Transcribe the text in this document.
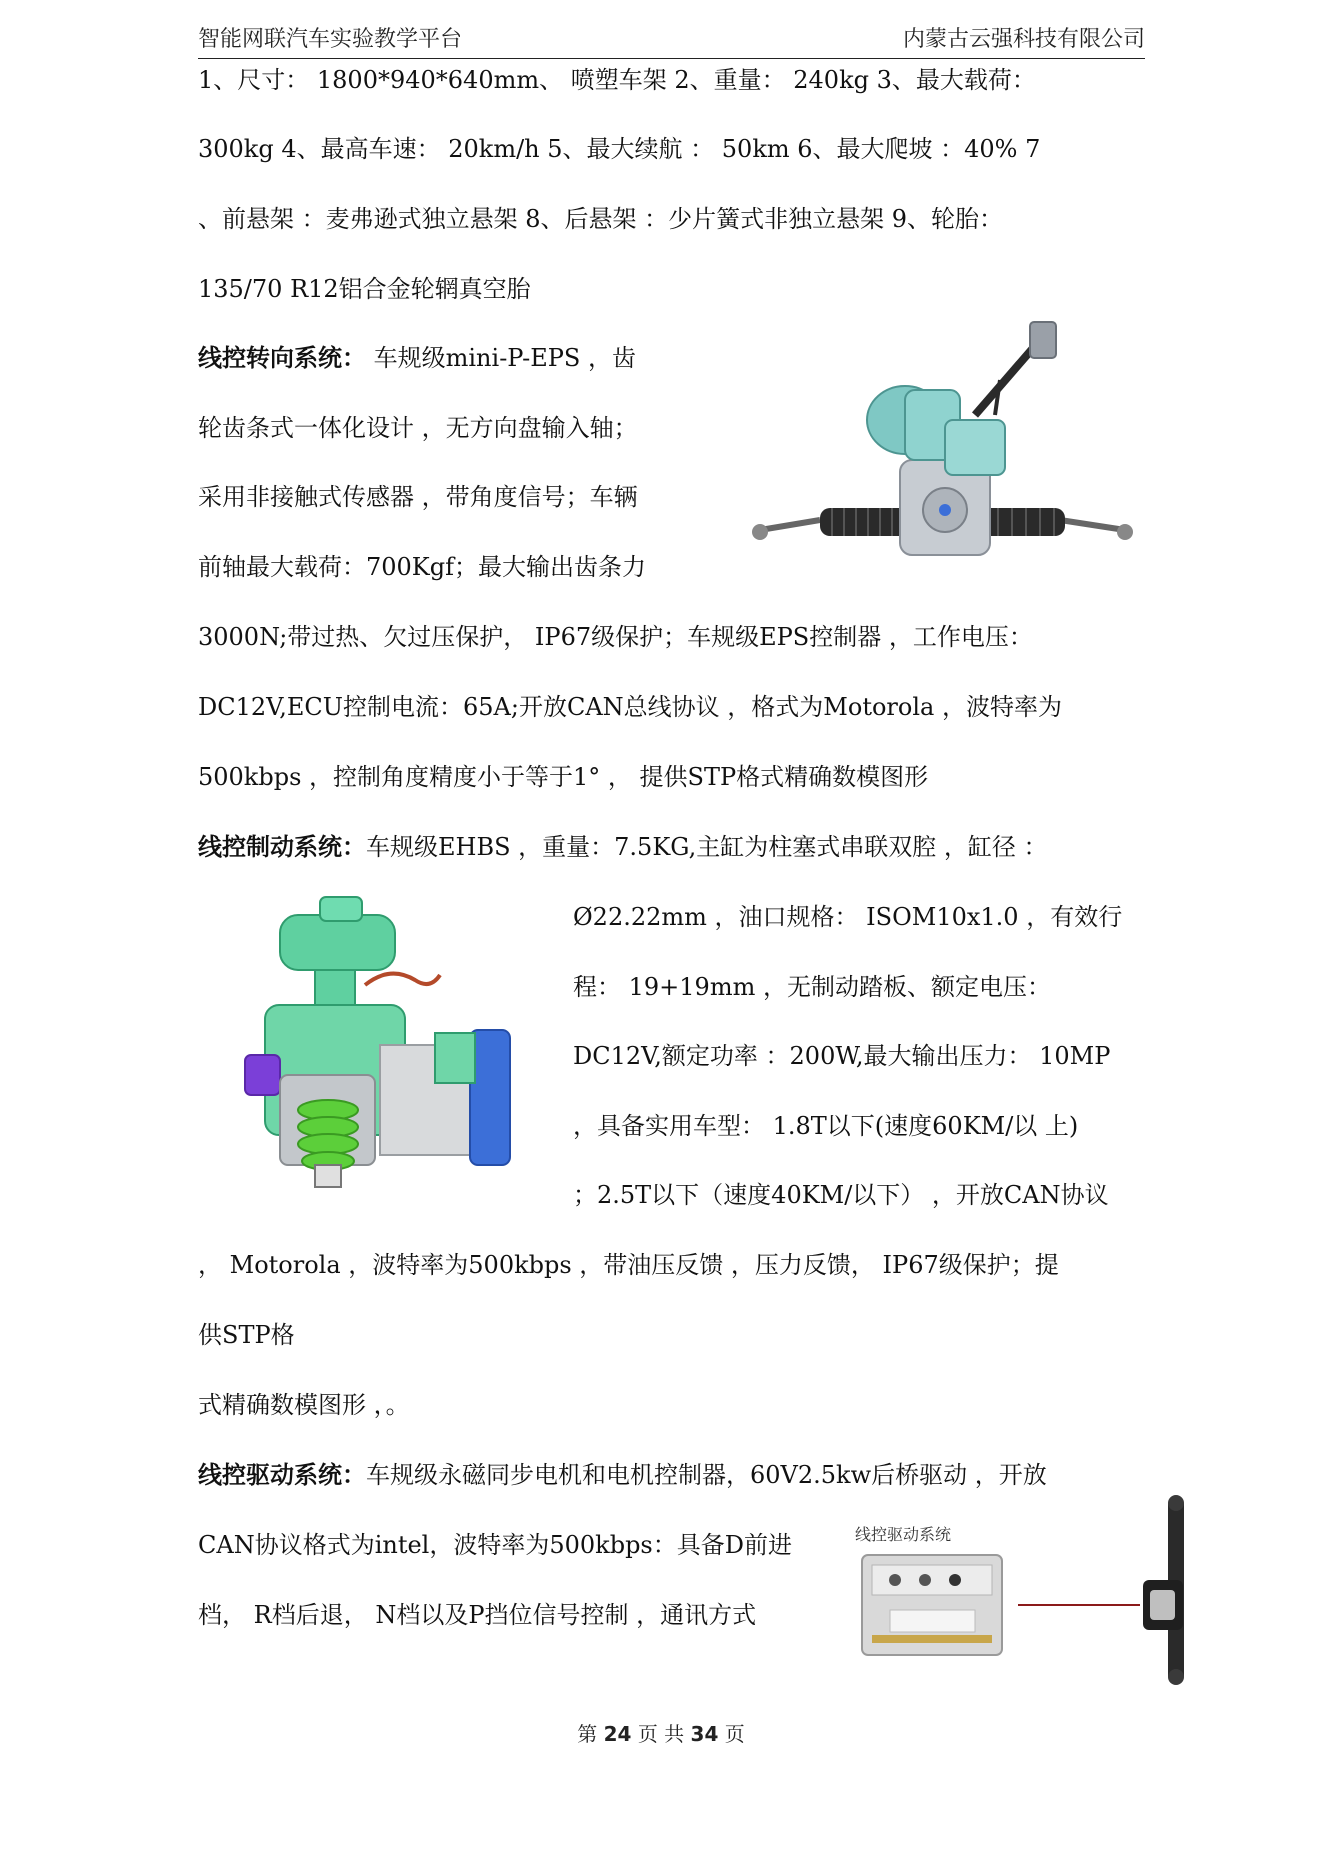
智能网联汽车实验教学平台	内蒙古云强科技有限公司
1、尺寸： 1800*940*640mm、 喷塑车架 2、重量： 240kg 3、最大载荷：
300kg 4、最高车速： 20km/h 5、最大续航 ： 50km 6、最大爬坡 ：40% 7
、前悬架 ：麦弗逊式独立悬架 8、后悬架 ：少片簧式非独立悬架 9、轮胎：
135/70 R12铝合金轮辋真空胎
线控转向系统： 车规级mini-P-EPS ，齿
轮齿条式一体化设计 ，无方向盘输入轴；
采用非接触式传感器 ，带角度信号；车辆
前轴最大载荷：700Kgf；最大输出齿条力
3000N;带过热、欠过压保护， IP67级保护；车规级EPS控制器 ，工作电压：
DC12V,ECU控制电流：65A;开放CAN总线协议 ，格式为Motorola ，波特率为
500kbps ，控制角度精度小于等于1° ， 提供STP格式精确数模图形
线控制动系统：车规级EHBS ，重量：7.5KG,主缸为柱塞式串联双腔 ，缸径 ：
Ø22.22mm ，油口规格： ISOM10x1.0 ，有效行
程： 19+19mm ，无制动踏板、额定电压：
DC12V,额定功率 ：200W,最大输出压力： 10MP
，具备实用车型： 1.8T以下(速度60KM/以 上)
；2.5T以下（速度40KM/以下） ，开放CAN协议
， Motorola ，波特率为500kbps ，带油压反馈 ，压力反馈， IP67级保护；提
供STP格
式精确数模图形 ，。
线控驱动系统：车规级永磁同步电机和电机控制器，60V2.5kw后桥驱动 ，开放
CAN协议格式为intel，波特率为500kbps：具备D前进
档， R档后退， N档以及P挡位信号控制 ，通讯方式
线控驱动系统
第 24 页 共 34 页
